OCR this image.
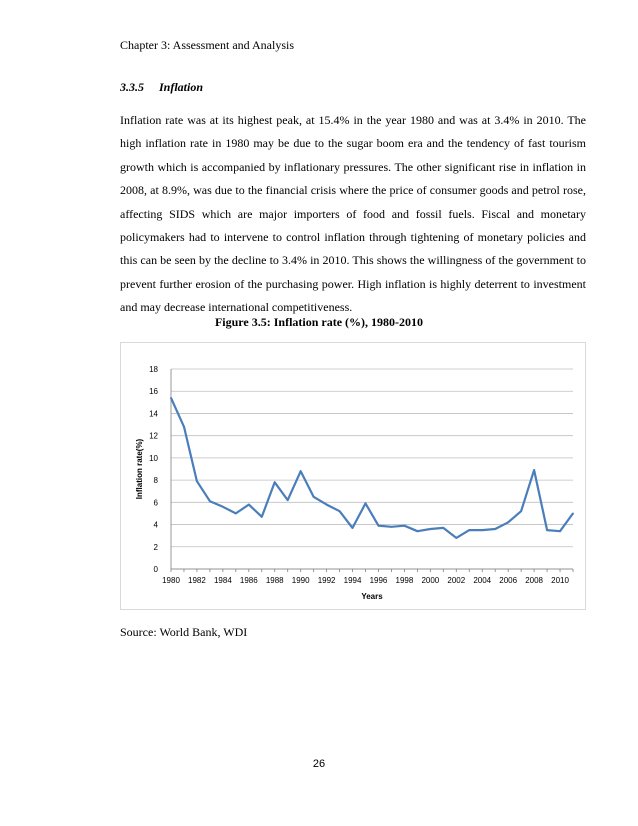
Chapter 3: Assessment and Analysis
3.3.5 Inflation

Inflation rate was at its highest peak, at 15.4% in the year 1980 and was at 3.4% in 2010. The high inflation rate in 1980 may be due to the sugar boom era and the tendency of fast tourism growth which is accompanied by inflationary pressures. The other significant rise in inflation in 2008, at 8.9%, was due to the financial crisis where the price of consumer goods and petrol rose, affecting SIDS which are major importers of food and fossil fuels. Fiscal and monetary policymakers had to intervene to control inflation through tightening of monetary policies and this can be seen by the decline to 3.4% in 2010. This shows the willingness of the government to prevent further erosion of the purchasing power. High inflation is highly deterrent to investment and may decrease international competitiveness.

Figure 3.5: Inflation rate (%), 1980-2010
0
2
4
6
8
10
12
14
16
18
1980 1982 1984 1986 1988 1990 1992 1994 1996 1998 2000 2002 2004 2006 2008 2010
Years
Inflation rate(%)
Source: World Bank, WDI
26
